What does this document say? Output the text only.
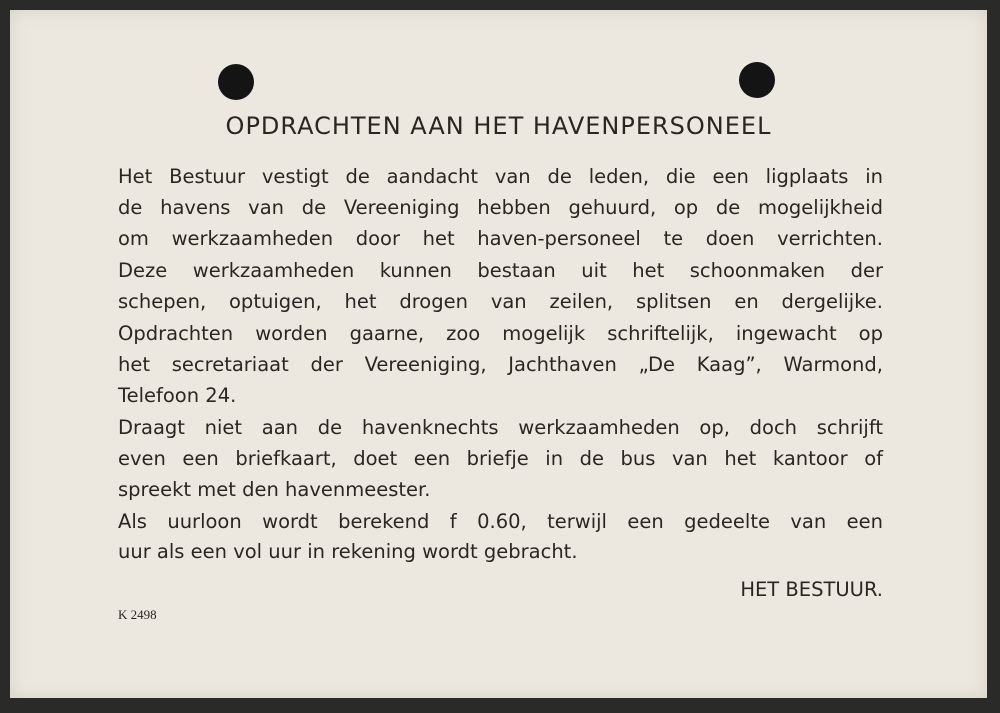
OPDRACHTEN AAN HET HAVENPERSONEEL
Het Bestuur vestigt de aandacht van de leden, die een ligplaats in
de havens van de Vereeniging hebben gehuurd, op de mogelijkheid
om werkzaamheden door het haven-personeel te doen verrichten.
Deze werkzaamheden kunnen bestaan uit het schoonmaken der
schepen, optuigen, het drogen van zeilen, splitsen en dergelijke.
Opdrachten worden gaarne, zoo mogelijk schriftelijk, ingewacht op
het secretariaat der Vereeniging, Jachthaven „De Kaag”, Warmond,
Telefoon 24.
Draagt niet aan de havenknechts werkzaamheden op, doch schrijft
even een briefkaart, doet een briefje in de bus van het kantoor of
spreekt met den havenmeester.
Als uurloon wordt berekend f 0.60, terwijl een gedeelte van een
uur als een vol uur in rekening wordt gebracht.
HET BESTUUR.
K 2498
